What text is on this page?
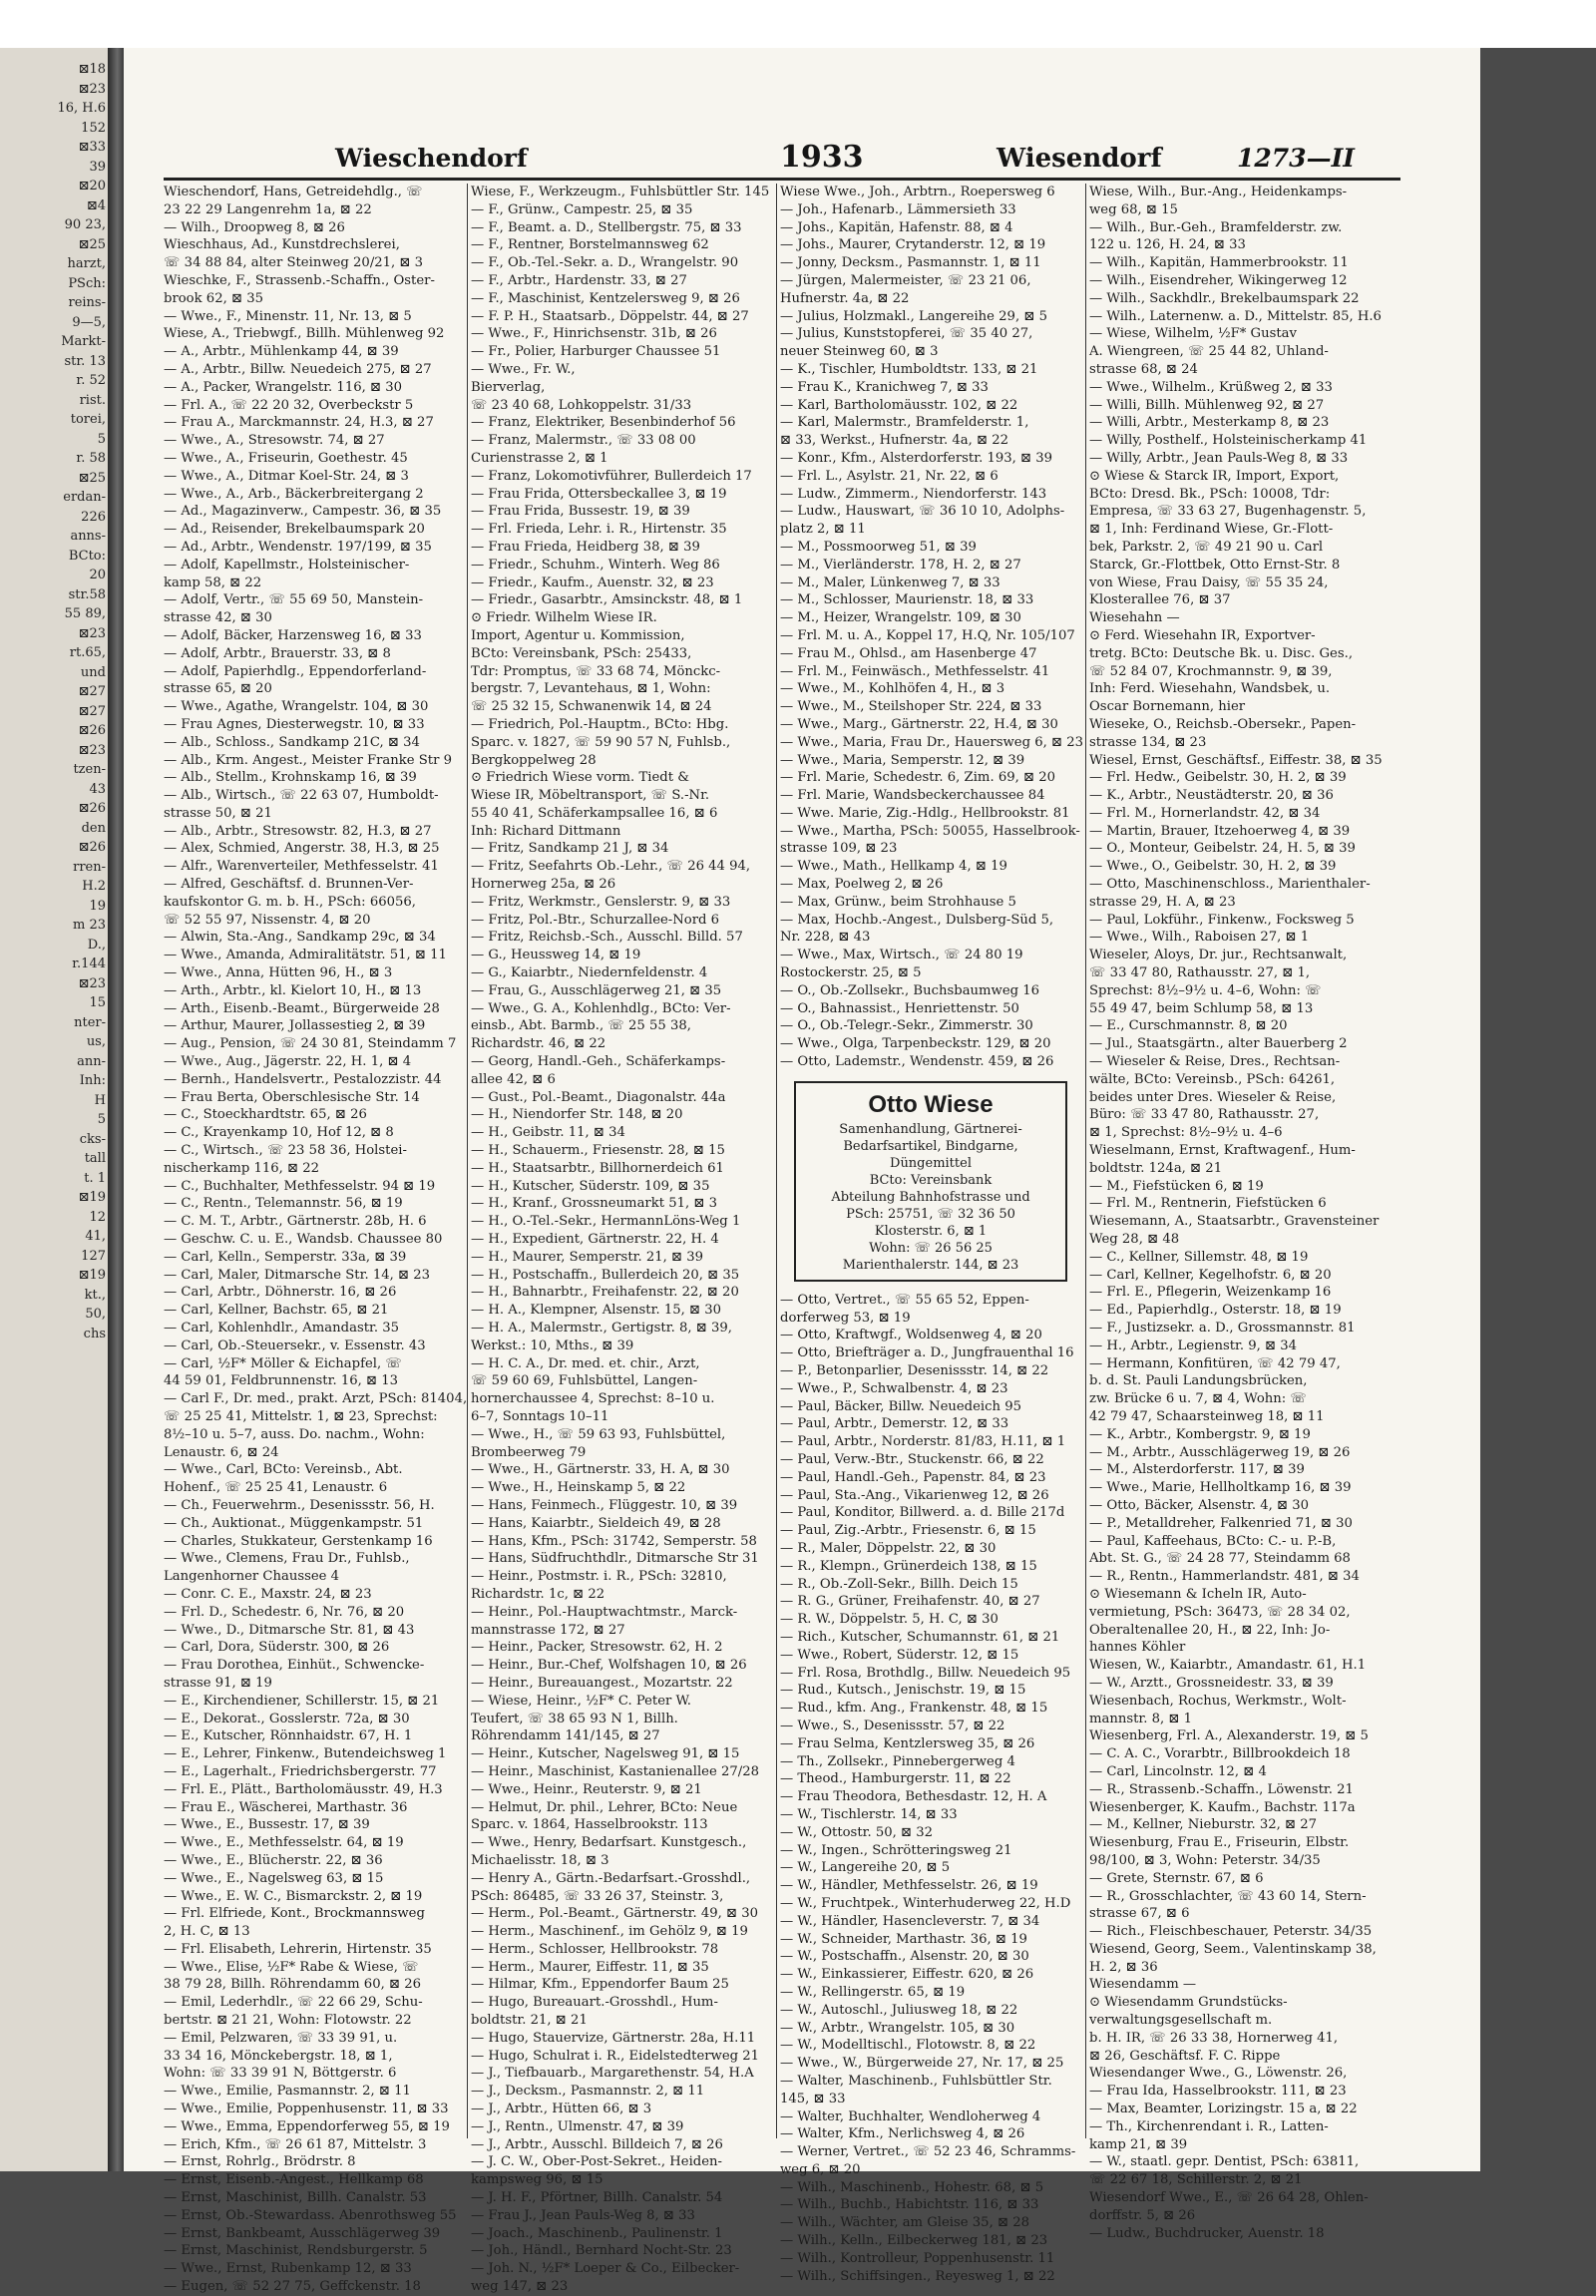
⊠18
⊠23
16, H.6
152
⊠33
39
⊠20
⊠4
90 23,
⊠25
harzt,
PSch:
reins-
9—5,
Markt-
str. 13
r. 52
rist.
torei,
5
r. 58
⊠25
erdan-
226
anns-
BCto:
20
str.58
55 89,
⊠23
rt.65,
und
⊠27
⊠27
⊠26
⊠23
tzen-
43
⊠26
den
⊠26
rren-
H.2
19
m 23
D.,
r.144
⊠23
15
nter-
us,
ann-
Inh:
H
5
cks-
tall
t. 1
⊠19
12
41,
127
⊠19
kt.,
50,
chs
Wieschendorf	1933	Wiesendorf	1273—II
Wieschendorf, Hans, Getreidehdlg., ☏
23 22 29 Langenrehm 1a, ⊠ 22
— Wilh., Droopweg 8, ⊠ 26
Wieschhaus, Ad., Kunstdrechslerei,
☏ 34 88 84, alter Steinweg 20/21, ⊠ 3
Wieschke, F., Strassenb.-Schaffn., Oster-
brook 62, ⊠ 35
— Wwe., F., Minenstr. 11, Nr. 13, ⊠ 5
Wiese, A., Triebwgf., Billh. Mühlenweg 92
— A., Arbtr., Mühlenkamp 44, ⊠ 39
— A., Arbtr., Billw. Neuedeich 275, ⊠ 27
— A., Packer, Wrangelstr. 116, ⊠ 30
— Frl. A., ☏ 22 20 32, Overbeckstr 5
— Frau A., Marckmannstr. 24, H.3, ⊠ 27
— Wwe., A., Stresowstr. 74, ⊠ 27
— Wwe., A., Friseurin, Goethestr. 45
— Wwe., A., Ditmar Koel-Str. 24, ⊠ 3
— Wwe., A., Arb., Bäckerbreitergang 2
— Ad., Magazinverw., Campestr. 36, ⊠ 35
— Ad., Reisender, Brekelbaumspark 20
— Ad., Arbtr., Wendenstr. 197/199, ⊠ 35
— Adolf, Kapellmstr., Holsteinischer-
kamp 58, ⊠ 22
— Adolf, Vertr., ☏ 55 69 50, Manstein-
strasse 42, ⊠ 30
— Adolf, Bäcker, Harzensweg 16, ⊠ 33
— Adolf, Arbtr., Brauerstr. 33, ⊠ 8
— Adolf, Papierhdlg., Eppendorferland-
strasse 65, ⊠ 20
— Wwe., Agathe, Wrangelstr. 104, ⊠ 30
— Frau Agnes, Diesterwegstr. 10, ⊠ 33
— Alb., Schloss., Sandkamp 21C, ⊠ 34
— Alb., Krm. Angest., Meister Franke Str 9
— Alb., Stellm., Krohnskamp 16, ⊠ 39
— Alb., Wirtsch., ☏ 22 63 07, Humboldt-
strasse 50, ⊠ 21
— Alb., Arbtr., Stresowstr. 82, H.3, ⊠ 27
— Alex, Schmied, Angerstr. 38, H.3, ⊠ 25
— Alfr., Warenverteiler, Methfesselstr. 41
— Alfred, Geschäftsf. d. Brunnen-Ver-
kaufskontor G. m. b. H., PSch: 66056,
☏ 52 55 97, Nissenstr. 4, ⊠ 20
— Alwin, Sta.-Ang., Sandkamp 29c, ⊠ 34
— Wwe., Amanda, Admiralitätstr. 51, ⊠ 11
— Wwe., Anna, Hütten 96, H., ⊠ 3
— Arth., Arbtr., kl. Kielort 10, H., ⊠ 13
— Arth., Eisenb.-Beamt., Bürgerweide 28
— Arthur, Maurer, Jollassestieg 2, ⊠ 39
— Aug., Pension, ☏ 24 30 81, Steindamm 7
— Wwe., Aug., Jägerstr. 22, H. 1, ⊠ 4
— Bernh., Handelsvertr., Pestalozzistr. 44
— Frau Berta, Oberschlesische Str. 14
— C., Stoeckhardtstr. 65, ⊠ 26
— C., Krayenkamp 10, Hof 12, ⊠ 8
— C., Wirtsch., ☏ 23 58 36, Holstei-
nischerkamp 116, ⊠ 22
— C., Buchhalter, Methfesselstr. 94 ⊠ 19
— C., Rentn., Telemannstr. 56, ⊠ 19
— C. M. T., Arbtr., Gärtnerstr. 28b, H. 6
— Geschw. C. u. E., Wandsb. Chaussee 80
— Carl, Kelln., Semperstr. 33a, ⊠ 39
— Carl, Maler, Ditmarsche Str. 14, ⊠ 23
— Carl, Arbtr., Döhnerstr. 16, ⊠ 26
— Carl, Kellner, Bachstr. 65, ⊠ 21
— Carl, Kohlenhdlr., Amandastr. 35
— Carl, Ob.-Steuersekr., v. Essenstr. 43
— Carl, ½F* Möller & Eichapfel, ☏
44 59 01, Feldbrunnenstr. 16, ⊠ 13
— Carl F., Dr. med., prakt. Arzt, PSch: 81404,
☏ 25 25 41, Mittelstr. 1, ⊠ 23, Sprechst:
8½–10 u. 5–7, auss. Do. nachm., Wohn:
Lenaustr. 6, ⊠ 24
— Wwe., Carl, BCto: Vereinsb., Abt.
Hohenf., ☏ 25 25 41, Lenaustr. 6
— Ch., Feuerwehrm., Desenissstr. 56, H.
— Ch., Auktionat., Müggenkampstr. 51
— Charles, Stukkateur, Gerstenkamp 16
— Wwe., Clemens, Frau Dr., Fuhlsb.,
Langenhorner Chaussee 4
— Conr. C. E., Maxstr. 24, ⊠ 23
— Frl. D., Schedestr. 6, Nr. 76, ⊠ 20
— Wwe., D., Ditmarsche Str. 81, ⊠ 43
— Carl, Dora, Süderstr. 300, ⊠ 26
— Frau Dorothea, Einhüt., Schwencke-
strasse 91, ⊠ 19
— E., Kirchendiener, Schillerstr. 15, ⊠ 21
— E., Dekorat., Gosslerstr. 72a, ⊠ 30
— E., Kutscher, Rönnhaidstr. 67, H. 1
— E., Lehrer, Finkenw., Butendeichsweg 1
— E., Lagerhalt., Friedrichsbergerstr. 77
— Frl. E., Plätt., Bartholomäusstr. 49, H.3
— Frau E., Wäscherei, Marthastr. 36
— Wwe., E., Bussestr. 17, ⊠ 39
— Wwe., E., Methfesselstr. 64, ⊠ 19
— Wwe., E., Blücherstr. 22, ⊠ 36
— Wwe., E., Nagelsweg 63, ⊠ 15
— Wwe., E. W. C., Bismarckstr. 2, ⊠ 19
— Frl. Elfriede, Kont., Brockmannsweg
2, H. C, ⊠ 13
— Frl. Elisabeth, Lehrerin, Hirtenstr. 35
— Wwe., Elise, ½F* Rabe & Wiese, ☏
38 79 28, Billh. Röhrendamm 60, ⊠ 26
— Emil, Lederhdlr., ☏ 22 66 29, Schu-
bertstr. ⊠ 21 21, Wohn: Flotowstr. 22
— Emil, Pelzwaren, ☏ 33 39 91, u.
33 34 16, Mönckebergstr. 18, ⊠ 1,
Wohn: ☏ 33 39 91 N, Böttgerstr. 6
— Wwe., Emilie, Pasmannstr. 2, ⊠ 11
— Wwe., Emilie, Poppenhusenstr. 11, ⊠ 33
— Wwe., Emma, Eppendorferweg 55, ⊠ 19
— Erich, Kfm., ☏ 26 61 87, Mittelstr. 3
— Ernst, Rohrlg., Brödrstr. 8
— Ernst, Eisenb.-Angest., Hellkamp 68
— Ernst, Maschinist, Billh. Canalstr. 53
— Ernst, Ob.-Stewardass. Abenrothsweg 55
— Ernst, Bankbeamt, Ausschlägerweg 39
— Ernst, Maschinist, Rendsburgerstr. 5
— Wwe., Ernst, Rubenkamp 12, ⊠ 33
— Eugen, ☏ 52 27 75, Geffckenstr. 18
Wiese, F., Werkzeugm., Fuhlsbüttler Str. 145
— F., Grünw., Campestr. 25, ⊠ 35
— F., Beamt. a. D., Stellbergstr. 75, ⊠ 33
— F., Rentner, Borstelmannsweg 62
— F., Ob.-Tel.-Sekr. a. D., Wrangelstr. 90
— F., Arbtr., Hardenstr. 33, ⊠ 27
— F., Maschinist, Kentzelersweg 9, ⊠ 26
— F. P. H., Staatsarb., Döppelstr. 44, ⊠ 27
— Wwe., F., Hinrichsenstr. 31b, ⊠ 26
— Fr., Polier, Harburger Chaussee 51
— Wwe., Fr. W.,
Bierverlag,
☏ 23 40 68, Lohkoppelstr. 31/33
— Franz, Elektriker, Besenbinderhof 56
— Franz, Malermstr., ☏ 33 08 00
Curienstrasse 2, ⊠ 1
— Franz, Lokomotivführer, Bullerdeich 17
— Frau Frida, Ottersbeckallee 3, ⊠ 19
— Frau Frida, Bussestr. 19, ⊠ 39
— Frl. Frieda, Lehr. i. R., Hirtenstr. 35
— Frau Frieda, Heidberg 38, ⊠ 39
— Friedr., Schuhm., Winterh. Weg 86
— Friedr., Kaufm., Auenstr. 32, ⊠ 23
— Friedr., Gasarbtr., Amsinckstr. 48, ⊠ 1
⊙ Friedr. Wilhelm Wiese IR.
Import, Agentur u. Kommission,
BCto: Vereinsbank, PSch: 25433,
Tdr: Promptus, ☏ 33 68 74, Mönckc-
bergstr. 7, Levantehaus, ⊠ 1, Wohn:
☏ 25 32 15, Schwanenwik 14, ⊠ 24
— Friedrich, Pol.-Hauptm., BCto: Hbg.
Sparc. v. 1827, ☏ 59 90 57 N, Fuhlsb.,
Bergkoppelweg 28
⊙ Friedrich Wiese vorm. Tiedt &
Wiese IR, Möbeltransport, ☏ S.-Nr.
55 40 41, Schäferkampsallee 16, ⊠ 6
Inh: Richard Dittmann
— Fritz, Sandkamp 21 J, ⊠ 34
— Fritz, Seefahrts Ob.-Lehr., ☏ 26 44 94,
Hornerweg 25a, ⊠ 26
— Fritz, Werkmstr., Genslerstr. 9, ⊠ 33
— Fritz, Pol.-Btr., Schurzallee-Nord 6
— Fritz, Reichsb.-Sch., Ausschl. Billd. 57
— G., Heussweg 14, ⊠ 19
— G., Kaiarbtr., Niedernfeldenstr. 4
— Frau, G., Ausschlägerweg 21, ⊠ 35
— Wwe., G. A., Kohlenhdlg., BCto: Ver-
einsb., Abt. Barmb., ☏ 25 55 38,
Richardstr. 46, ⊠ 22
— Georg, Handl.-Geh., Schäferkamps-
allee 42, ⊠ 6
— Gust., Pol.-Beamt., Diagonalstr. 44a
— H., Niendorfer Str. 148, ⊠ 20
— H., Geibstr. 11, ⊠ 34
— H., Schauerm., Friesenstr. 28, ⊠ 15
— H., Staatsarbtr., Billhornerdeich 61
— H., Kutscher, Süderstr. 109, ⊠ 35
— H., Kranf., Grossneumarkt 51, ⊠ 3
— H., O.-Tel.-Sekr., HermannLöns-Weg 1
— H., Expedient, Gärtnerstr. 22, H. 4
— H., Maurer, Semperstr. 21, ⊠ 39
— H., Postschaffn., Bullerdeich 20, ⊠ 35
— H., Bahnarbtr., Freihafenstr. 22, ⊠ 20
— H. A., Klempner, Alsenstr. 15, ⊠ 30
— H. A., Malermstr., Gertigstr. 8, ⊠ 39,
Werkst.: 10, Mths., ⊠ 39
— H. C. A., Dr. med. et. chir., Arzt,
☏ 59 60 69, Fuhlsbüttel, Langen-
hornerchaussee 4, Sprechst: 8–10 u.
6–7, Sonntags 10–11
— Wwe., H., ☏ 59 63 93, Fuhlsbüttel,
Brombeerweg 79
— Wwe., H., Gärtnerstr. 33, H. A, ⊠ 30
— Wwe., H., Heinskamp 5, ⊠ 22
— Hans, Feinmech., Flüggestr. 10, ⊠ 39
— Hans, Kaiarbtr., Sieldeich 49, ⊠ 28
— Hans, Kfm., PSch: 31742, Semperstr. 58
— Hans, Südfruchthdlr., Ditmarsche Str 31
— Heinr., Postmstr. i. R., PSch: 32810,
Richardstr. 1c, ⊠ 22
— Heinr., Pol.-Hauptwachtmstr., Marck-
mannstrasse 172, ⊠ 27
— Heinr., Packer, Stresowstr. 62, H. 2
— Heinr., Bur.-Chef, Wolfshagen 10, ⊠ 26
— Heinr., Bureauangest., Mozartstr. 22
— Wiese, Heinr., ½F* C. Peter W.
Teufert, ☏ 38 65 93 N 1, Billh.
Röhrendamm 141/145, ⊠ 27
— Heinr., Kutscher, Nagelsweg 91, ⊠ 15
— Heinr., Maschinist, Kastanienallee 27/28
— Wwe., Heinr., Reuterstr. 9, ⊠ 21
— Helmut, Dr. phil., Lehrer, BCto: Neue
Sparc. v. 1864, Hasselbrookstr. 113
— Wwe., Henry, Bedarfsart. Kunstgesch.,
Michaelisstr. 18, ⊠ 3
— Henry A., Gärtn.-Bedarfsart.-Grosshdl.,
PSch: 86485, ☏ 33 26 37, Steinstr. 3,
— Herm., Pol.-Beamt., Gärtnerstr. 49, ⊠ 30
— Herm., Maschinenf., im Gehölz 9, ⊠ 19
— Herm., Schlosser, Hellbrookstr. 78
— Herm., Maurer, Eiffestr. 11, ⊠ 35
— Hilmar, Kfm., Eppendorfer Baum 25
— Hugo, Bureauart.-Grosshdl., Hum-
boldtstr. 21, ⊠ 21
— Hugo, Stauervize, Gärtnerstr. 28a, H.11
— Hugo, Schulrat i. R., Eidelstedterweg 21
— J., Tiefbauarb., Margarethenstr. 54, H.A
— J., Decksm., Pasmannstr. 2, ⊠ 11
— J., Arbtr., Hütten 66, ⊠ 3
— J., Rentn., Ulmenstr. 47, ⊠ 39
— J., Arbtr., Ausschl. Billdeich 7, ⊠ 26
— J. C. W., Ober-Post-Sekret., Heiden-
kampsweg 96, ⊠ 15
— J. H. F., Pförtner, Billh. Canalstr. 54
— Frau J., Jean Pauls-Weg 8, ⊠ 33
— Joach., Maschinenb., Paulinenstr. 1
— Joh., Händl., Bernhard Nocht-Str. 23
— Joh. N., ½F* Loeper & Co., Eilbecker-
weg 147, ⊠ 23
Wiese Wwe., Joh., Arbtrn., Roepersweg 6
— Joh., Hafenarb., Lämmersieth 33
— Johs., Kapitän, Hafenstr. 88, ⊠ 4
— Johs., Maurer, Crytanderstr. 12, ⊠ 19
— Jonny, Decksm., Pasmannstr. 1, ⊠ 11
— Jürgen, Malermeister, ☏ 23 21 06,
Hufnerstr. 4a, ⊠ 22
— Julius, Holzmakl., Langereihe 29, ⊠ 5
— Julius, Kunststopferei, ☏ 35 40 27,
neuer Steinweg 60, ⊠ 3
— K., Tischler, Humboldtstr. 133, ⊠ 21
— Frau K., Kranichweg 7, ⊠ 33
— Karl, Bartholomäusstr. 102, ⊠ 22
— Karl, Malermstr., Bramfelderstr. 1,
⊠ 33, Werkst., Hufnerstr. 4a, ⊠ 22
— Konr., Kfm., Alsterdorferstr. 193, ⊠ 39
— Frl. L., Asylstr. 21, Nr. 22, ⊠ 6
— Ludw., Zimmerm., Niendorferstr. 143
— Ludw., Hauswart, ☏ 36 10 10, Adolphs-
platz 2, ⊠ 11
— M., Possmoorweg 51, ⊠ 39
— M., Vierländerstr. 178, H. 2, ⊠ 27
— M., Maler, Lünkenweg 7, ⊠ 33
— M., Schlosser, Maurienstr. 18, ⊠ 33
— M., Heizer, Wrangelstr. 109, ⊠ 30
— Frl. M. u. A., Koppel 17, H.Q, Nr. 105/107
— Frau M., Ohlsd., am Hasenberge 47
— Frl. M., Feinwäsch., Methfesselstr. 41
— Wwe., M., Kohlhöfen 4, H., ⊠ 3
— Wwe., M., Steilshoper Str. 224, ⊠ 33
— Wwe., Marg., Gärtnerstr. 22, H.4, ⊠ 30
— Wwe., Maria, Frau Dr., Hauersweg 6, ⊠ 23
— Wwe., Maria, Semperstr. 12, ⊠ 39
— Frl. Marie, Schedestr. 6, Zim. 69, ⊠ 20
— Frl. Marie, Wandsbeckerchaussee 84
— Wwe. Marie, Zig.-Hdlg., Hellbrookstr. 81
— Wwe., Martha, PSch: 50055, Hasselbrook-
strasse 109, ⊠ 23
— Wwe., Math., Hellkamp 4, ⊠ 19
— Max, Poelweg 2, ⊠ 26
— Max, Grünw., beim Strohhause 5
— Max, Hochb.-Angest., Dulsberg-Süd 5,
Nr. 228, ⊠ 43
— Wwe., Max, Wirtsch., ☏ 24 80 19
Rostockerstr. 25, ⊠ 5
— O., Ob.-Zollsekr., Buchsbaumweg 16
— O., Bahnassist., Henriettenstr. 50
— O., Ob.-Telegr.-Sekr., Zimmerstr. 30
— Wwe., Olga, Tarpenbeckstr. 129, ⊠ 20
— Otto, Lademstr., Wendenstr. 459, ⊠ 26
Otto Wiese
Samenhandlung, Gärtnerei-
Bedarfsartikel, Bindgarne,
Düngemittel
BCto: Vereinsbank
Abteilung Bahnhofstrasse und
PSch: 25751, ☏ 32 36 50
Klosterstr. 6, ⊠ 1
Wohn: ☏ 26 56 25
Marienthalerstr. 144, ⊠ 23
— Otto, Vertret., ☏ 55 65 52, Eppen-
dorferweg 53, ⊠ 19
— Otto, Kraftwgf., Woldsenweg 4, ⊠ 20
— Otto, Briefträger a. D., Jungfrauenthal 16
— P., Betonparlier, Desenissstr. 14, ⊠ 22
— Wwe., P., Schwalbenstr. 4, ⊠ 23
— Paul, Bäcker, Billw. Neuedeich 95
— Paul, Arbtr., Demerstr. 12, ⊠ 33
— Paul, Arbtr., Norderstr. 81/83, H.11, ⊠ 1
— Paul, Verw.-Btr., Stuckenstr. 66, ⊠ 22
— Paul, Handl.-Geh., Papenstr. 84, ⊠ 23
— Paul, Sta.-Ang., Vikarienweg 12, ⊠ 26
— Paul, Konditor, Billwerd. a. d. Bille 217d
— Paul, Zig.-Arbtr., Friesenstr. 6, ⊠ 15
— R., Maler, Döppelstr. 22, ⊠ 30
— R., Klempn., Grünerdeich 138, ⊠ 15
— R., Ob.-Zoll-Sekr., Billh. Deich 15
— R. G., Grüner, Freihafenstr. 40, ⊠ 27
— R. W., Döppelstr. 5, H. C, ⊠ 30
— Rich., Kutscher, Schumannstr. 61, ⊠ 21
— Wwe., Robert, Süderstr. 12, ⊠ 15
— Frl. Rosa, Brothdlg., Billw. Neuedeich 95
— Rud., Kutsch., Jenischstr. 19, ⊠ 15
— Rud., kfm. Ang., Frankenstr. 48, ⊠ 15
— Wwe., S., Desenissstr. 57, ⊠ 22
— Frau Selma, Kentzlersweg 35, ⊠ 26
— Th., Zollsekr., Pinnebergerweg 4
— Theod., Hamburgerstr. 11, ⊠ 22
— Frau Theodora, Bethesdastr. 12, H. A
— W., Tischlerstr. 14, ⊠ 33
— W., Ottostr. 50, ⊠ 32
— W., Ingen., Schrötteringsweg 21
— W., Langereihe 20, ⊠ 5
— W., Händler, Methfesselstr. 26, ⊠ 19
— W., Fruchtpek., Winterhuderweg 22, H.D
— W., Händler, Hasencleverstr. 7, ⊠ 34
— W., Schneider, Marthastr. 36, ⊠ 19
— W., Postschaffn., Alsenstr. 20, ⊠ 30
— W., Einkassierer, Eiffestr. 620, ⊠ 26
— W., Rellingerstr. 65, ⊠ 19
— W., Autoschl., Juliusweg 18, ⊠ 22
— W., Arbtr., Wrangelstr. 105, ⊠ 30
— W., Modelltischl., Flotowstr. 8, ⊠ 22
— Wwe., W., Bürgerweide 27, Nr. 17, ⊠ 25
— Walter, Maschinenb., Fuhlsbüttler Str.
145, ⊠ 33
— Walter, Buchhalter, Wendloherweg 4
— Walter, Kfm., Nerlichsweg 4, ⊠ 26
— Werner, Vertret., ☏ 52 23 46, Schramms-
weg 6, ⊠ 20
— Wilh., Maschinenb., Hohestr. 68, ⊠ 5
— Wilh., Buchb., Habichtstr. 116, ⊠ 33
— Wilh., Wächter, am Gleise 35, ⊠ 28
— Wilh., Kelln., Eilbeckerweg 181, ⊠ 23
— Wilh., Kontrolleur, Poppenhusenstr. 11
— Wilh., Schiffsingen., Reyesweg 1, ⊠ 22
Wiese, Wilh., Bur.-Ang., Heidenkamps-
weg 68, ⊠ 15
— Wilh., Bur.-Geh., Bramfelderstr. zw.
122 u. 126, H. 24, ⊠ 33
— Wilh., Kapitän, Hammerbrookstr. 11
— Wilh., Eisendreher, Wikingerweg 12
— Wilh., Sackhdlr., Brekelbaumspark 22
— Wilh., Laternenw. a. D., Mittelstr. 85, H.6
— Wiese, Wilhelm, ½F* Gustav
A. Wiengreen, ☏ 25 44 82, Uhland-
strasse 68, ⊠ 24
— Wwe., Wilhelm., Krüßweg 2, ⊠ 33
— Willi, Billh. Mühlenweg 92, ⊠ 27
— Willi, Arbtr., Mesterkamp 8, ⊠ 23
— Willy, Posthelf., Holsteinischerkamp 41
— Willy, Arbtr., Jean Pauls-Weg 8, ⊠ 33
⊙ Wiese & Starck IR, Import, Export,
BCto: Dresd. Bk., PSch: 10008, Tdr:
Empresa, ☏ 33 63 27, Bugenhagenstr. 5,
⊠ 1, Inh: Ferdinand Wiese, Gr.-Flott-
bek, Parkstr. 2, ☏ 49 21 90 u. Carl
Starck, Gr.-Flottbek, Otto Ernst-Str. 8
von Wiese, Frau Daisy, ☏ 55 35 24,
Klosterallee 76, ⊠ 37
Wiesehahn —
⊙ Ferd. Wiesehahn IR, Exportver-
tretg. BCto: Deutsche Bk. u. Disc. Ges.,
☏ 52 84 07, Krochmannstr. 9, ⊠ 39,
Inh: Ferd. Wiesehahn, Wandsbek, u.
Oscar Bornemann, hier
Wieseke, O., Reichsb.-Obersekr., Papen-
strasse 134, ⊠ 23
Wiesel, Ernst, Geschäftsf., Eiffestr. 38, ⊠ 35
— Frl. Hedw., Geibelstr. 30, H. 2, ⊠ 39
— K., Arbtr., Neustädterstr. 20, ⊠ 36
— Frl. M., Hornerlandstr. 42, ⊠ 34
— Martin, Brauer, Itzehoerweg 4, ⊠ 39
— O., Monteur, Geibelstr. 24, H. 5, ⊠ 39
— Wwe., O., Geibelstr. 30, H. 2, ⊠ 39
— Otto, Maschinenschloss., Marienthaler-
strasse 29, H. A, ⊠ 23
— Paul, Lokführ., Finkenw., Focksweg 5
— Wwe., Wilh., Raboisen 27, ⊠ 1
Wieseler, Aloys, Dr. jur., Rechtsanwalt,
☏ 33 47 80, Rathausstr. 27, ⊠ 1,
Sprechst: 8½–9½ u. 4–6, Wohn: ☏
55 49 47, beim Schlump 58, ⊠ 13
— E., Curschmannstr. 8, ⊠ 20
— Jul., Staatsgärtn., alter Bauerberg 2
— Wieseler & Reise, Dres., Rechtsan-
wälte, BCto: Vereinsb., PSch: 64261,
beides unter Dres. Wieseler & Reise,
Büro: ☏ 33 47 80, Rathausstr. 27,
⊠ 1, Sprechst: 8½–9½ u. 4–6
Wieselmann, Ernst, Kraftwagenf., Hum-
boldtstr. 124a, ⊠ 21
— M., Fiefstücken 6, ⊠ 19
— Frl. M., Rentnerin, Fiefstücken 6
Wiesemann, A., Staatsarbtr., Gravensteiner
Weg 28, ⊠ 48
— C., Kellner, Sillemstr. 48, ⊠ 19
— Carl, Kellner, Kegelhofstr. 6, ⊠ 20
— Frl. E., Pflegerin, Weizenkamp 16
— Ed., Papierhdlg., Osterstr. 18, ⊠ 19
— F., Justizsekr. a. D., Grossmannstr. 81
— H., Arbtr., Legienstr. 9, ⊠ 34
— Hermann, Konfitüren, ☏ 42 79 47,
b. d. St. Pauli Landungsbrücken,
zw. Brücke 6 u. 7, ⊠ 4, Wohn: ☏
42 79 47, Schaarsteinweg 18, ⊠ 11
— K., Arbtr., Kombergstr. 9, ⊠ 19
— M., Arbtr., Ausschlägerweg 19, ⊠ 26
— M., Alsterdorferstr. 117, ⊠ 39
— Wwe., Marie, Hellholtkamp 16, ⊠ 39
— Otto, Bäcker, Alsenstr. 4, ⊠ 30
— P., Metalldreher, Falkenried 71, ⊠ 30
— Paul, Kaffeehaus, BCto: C.- u. P.-B,
Abt. St. G., ☏ 24 28 77, Steindamm 68
— R., Rentn., Hammerlandstr. 481, ⊠ 34
⊙ Wiesemann & Icheln IR, Auto-
vermietung, PSch: 36473, ☏ 28 34 02,
Oberaltenallee 20, H., ⊠ 22, Inh: Jo-
hannes Köhler
Wiesen, W., Kaiarbtr., Amandastr. 61, H.1
— W., Arztt., Grossneidestr. 33, ⊠ 39
Wiesenbach, Rochus, Werkmstr., Wolt-
mannstr. 8, ⊠ 1
Wiesenberg, Frl. A., Alexanderstr. 19, ⊠ 5
— C. A. C., Vorarbtr., Billbrookdeich 18
— Carl, Lincolnstr. 12, ⊠ 4
— R., Strassenb.-Schaffn., Löwenstr. 21
Wiesenberger, K. Kaufm., Bachstr. 117a
— M., Kellner, Nieburstr. 32, ⊠ 27
Wiesenburg, Frau E., Friseurin, Elbstr.
98/100, ⊠ 3, Wohn: Peterstr. 34/35
— Grete, Sternstr. 67, ⊠ 6
— R., Grosschlachter, ☏ 43 60 14, Stern-
strasse 67, ⊠ 6
— Rich., Fleischbeschauer, Peterstr. 34/35
Wiesend, Georg, Seem., Valentinskamp 38,
H. 2, ⊠ 36
Wiesendamm —
⊙ Wiesendamm Grundstücks-
verwaltungsgesellschaft m.
b. H. IR, ☏ 26 33 38, Hornerweg 41,
⊠ 26, Geschäftsf. F. C. Rippe
Wiesendanger Wwe., G., Löwenstr. 26,
— Frau Ida, Hasselbrookstr. 111, ⊠ 23
— Max, Beamter, Lorizingstr. 15 a, ⊠ 22
— Th., Kirchenrendant i. R., Latten-
kamp 21, ⊠ 39
— W., staatl. gepr. Dentist, PSch: 63811,
☏ 22 67 18, Schillerstr. 2, ⊠ 21
Wiesendorf Wwe., E., ☏ 26 64 28, Ohlen-
dorffstr. 5, ⊠ 26
— Ludw., Buchdrucker, Auenstr. 18
